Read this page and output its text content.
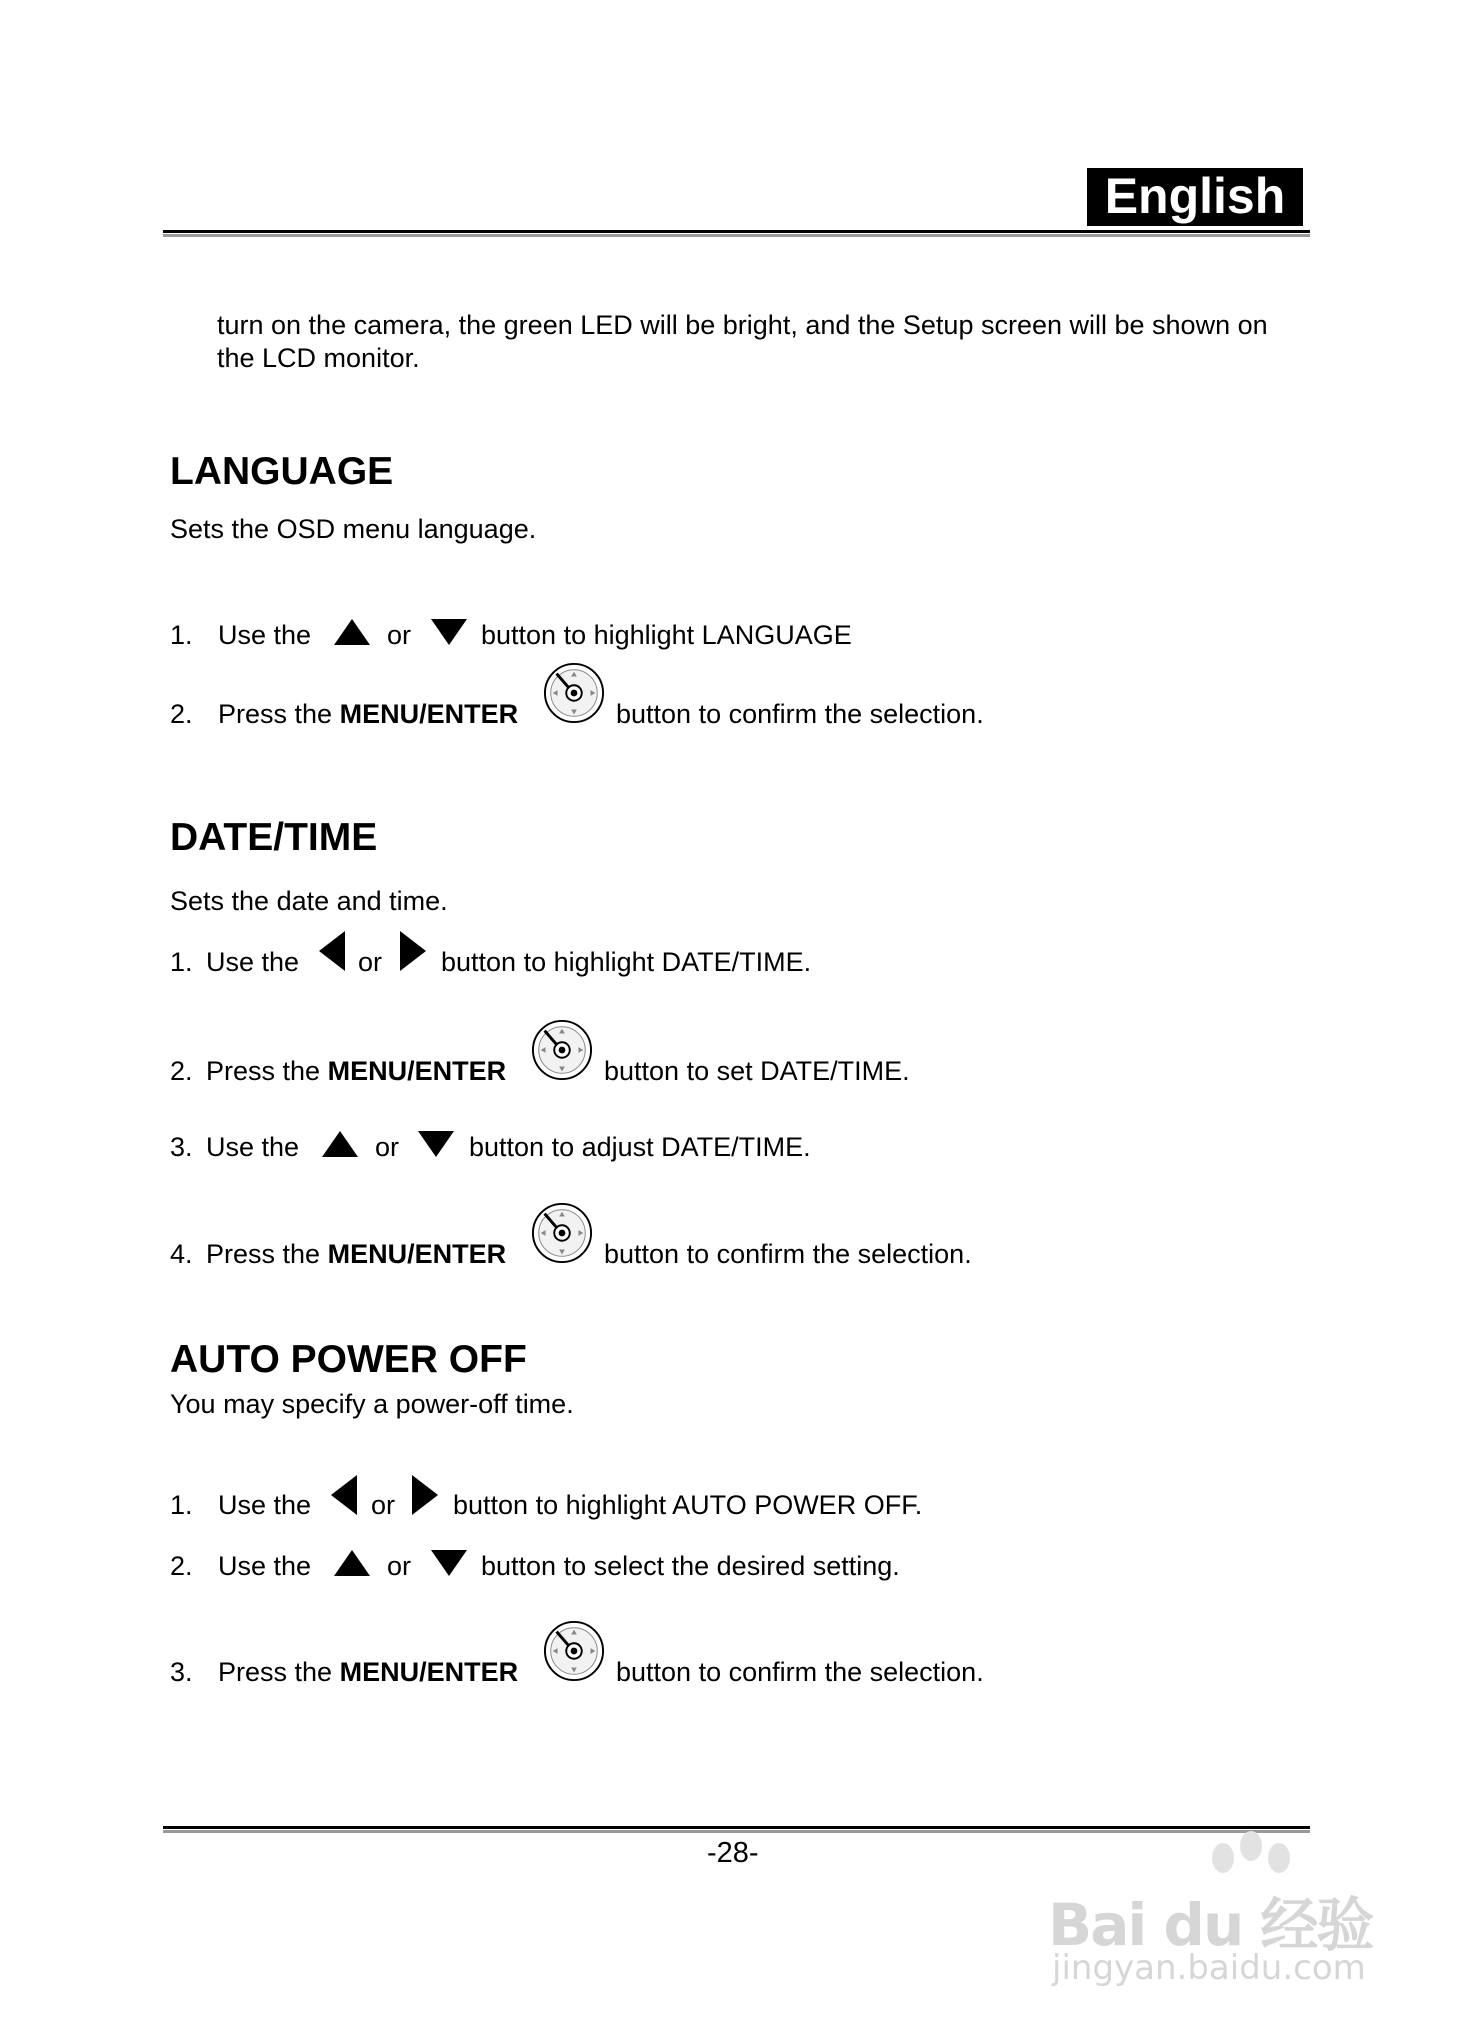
English
turn on the camera, the green LED will be bright, and the Setup screen will be shown on
the LCD monitor.
LANGUAGE
Sets the OSD menu language.
1. Use the	or	button to highlight LANGUAGE
2. Press the MENU/ENTER	button to confirm the selection.
DATE/TIME
Sets the date and time.
1. Use the or button to highlight DATE/TIME.
2. Press the MENU/ENTER	button to set DATE/TIME.
3. Use the	or	button to adjust DATE/TIME.
4. Press the MENU/ENTER	button to confirm the selection.
AUTO POWER OFF
You may specify a power-off time.
1. Use the or button to highlight AUTO POWER OFF.
2. Use the	or	button to select the desired setting.
3. Press the MENU/ENTER	button to confirm the selection.
-28-
Bai du 经验
jingyan.baidu.com
